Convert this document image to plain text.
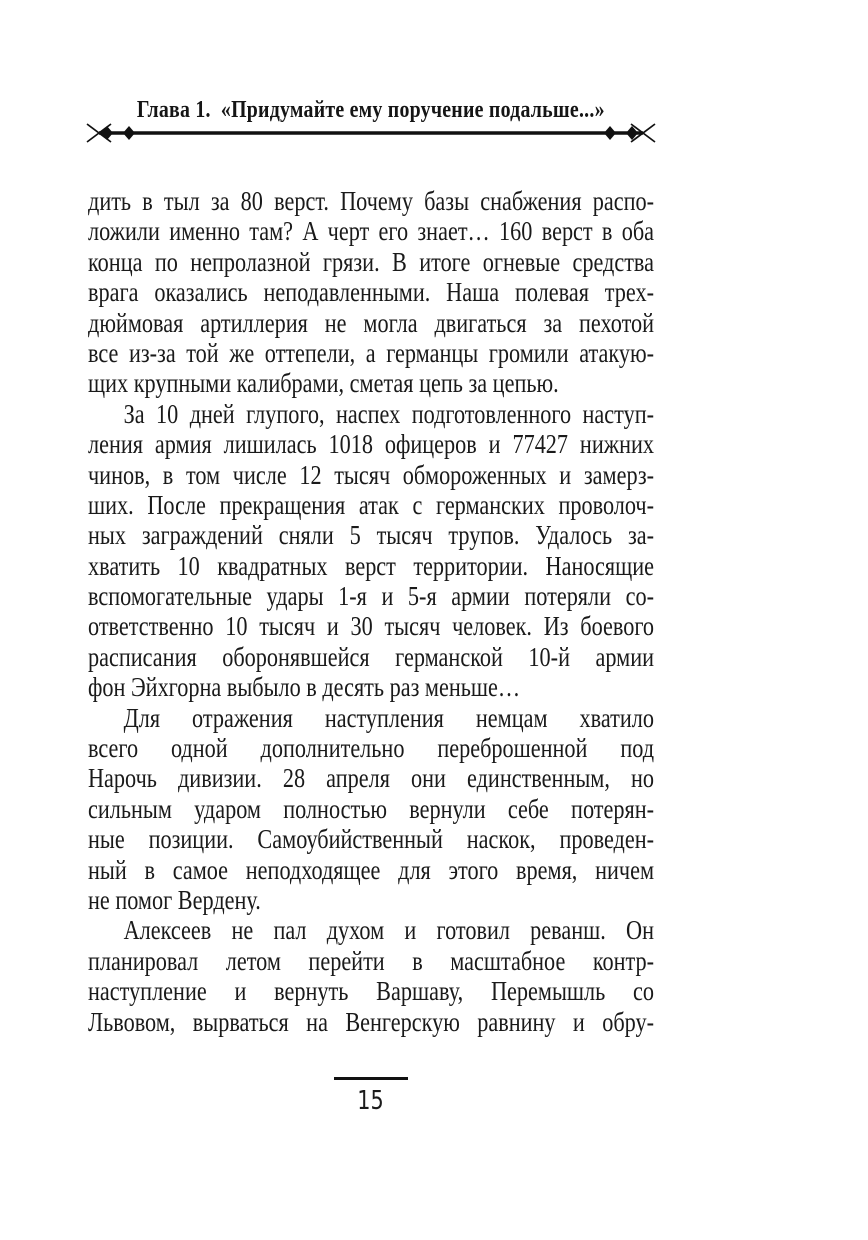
Глава 1. «Придумайте ему поручение подальше...»
дить в тыл за 80 верст. Почему базы снабжения распо-
ложили именно там? А черт его знает… 160 верст в оба
конца по непролазной грязи. В итоге огневые средства
врага оказались неподавленными. Наша полевая трех-
дюймовая артиллерия не могла двигаться за пехотой
все из-за той же оттепели, а германцы громили атакую-
щих крупными калибрами, сметая цепь за цепью.
За 10 дней глупого, наспех подготовленного наступ-
ления армия лишилась 1018 офицеров и 77427 нижних
чинов, в том числе 12 тысяч обмороженных и замерз-
ших. После прекращения атак с германских проволоч-
ных заграждений сняли 5 тысяч трупов. Удалось за-
хватить 10 квадратных верст территории. Наносящие
вспомогательные удары 1-я и 5-я армии потеряли со-
ответственно 10 тысяч и 30 тысяч человек. Из боевого
расписания оборонявшейся германской 10-й армии
фон Эйхгорна выбыло в десять раз меньше…
Для отражения наступления немцам хватило
всего одной дополнительно переброшенной под
Нарочь дивизии. 28 апреля они единственным, но
сильным ударом полностью вернули себе потерян-
ные позиции. Самоубийственный наскок, проведен-
ный в самое неподходящее для этого время, ничем
не помог Вердену.
Алексеев не пал духом и готовил реванш. Он
планировал летом перейти в масштабное контр-
наступление и вернуть Варшаву, Перемышль со
Львовом, вырваться на Венгерскую равнину и обру-
15
